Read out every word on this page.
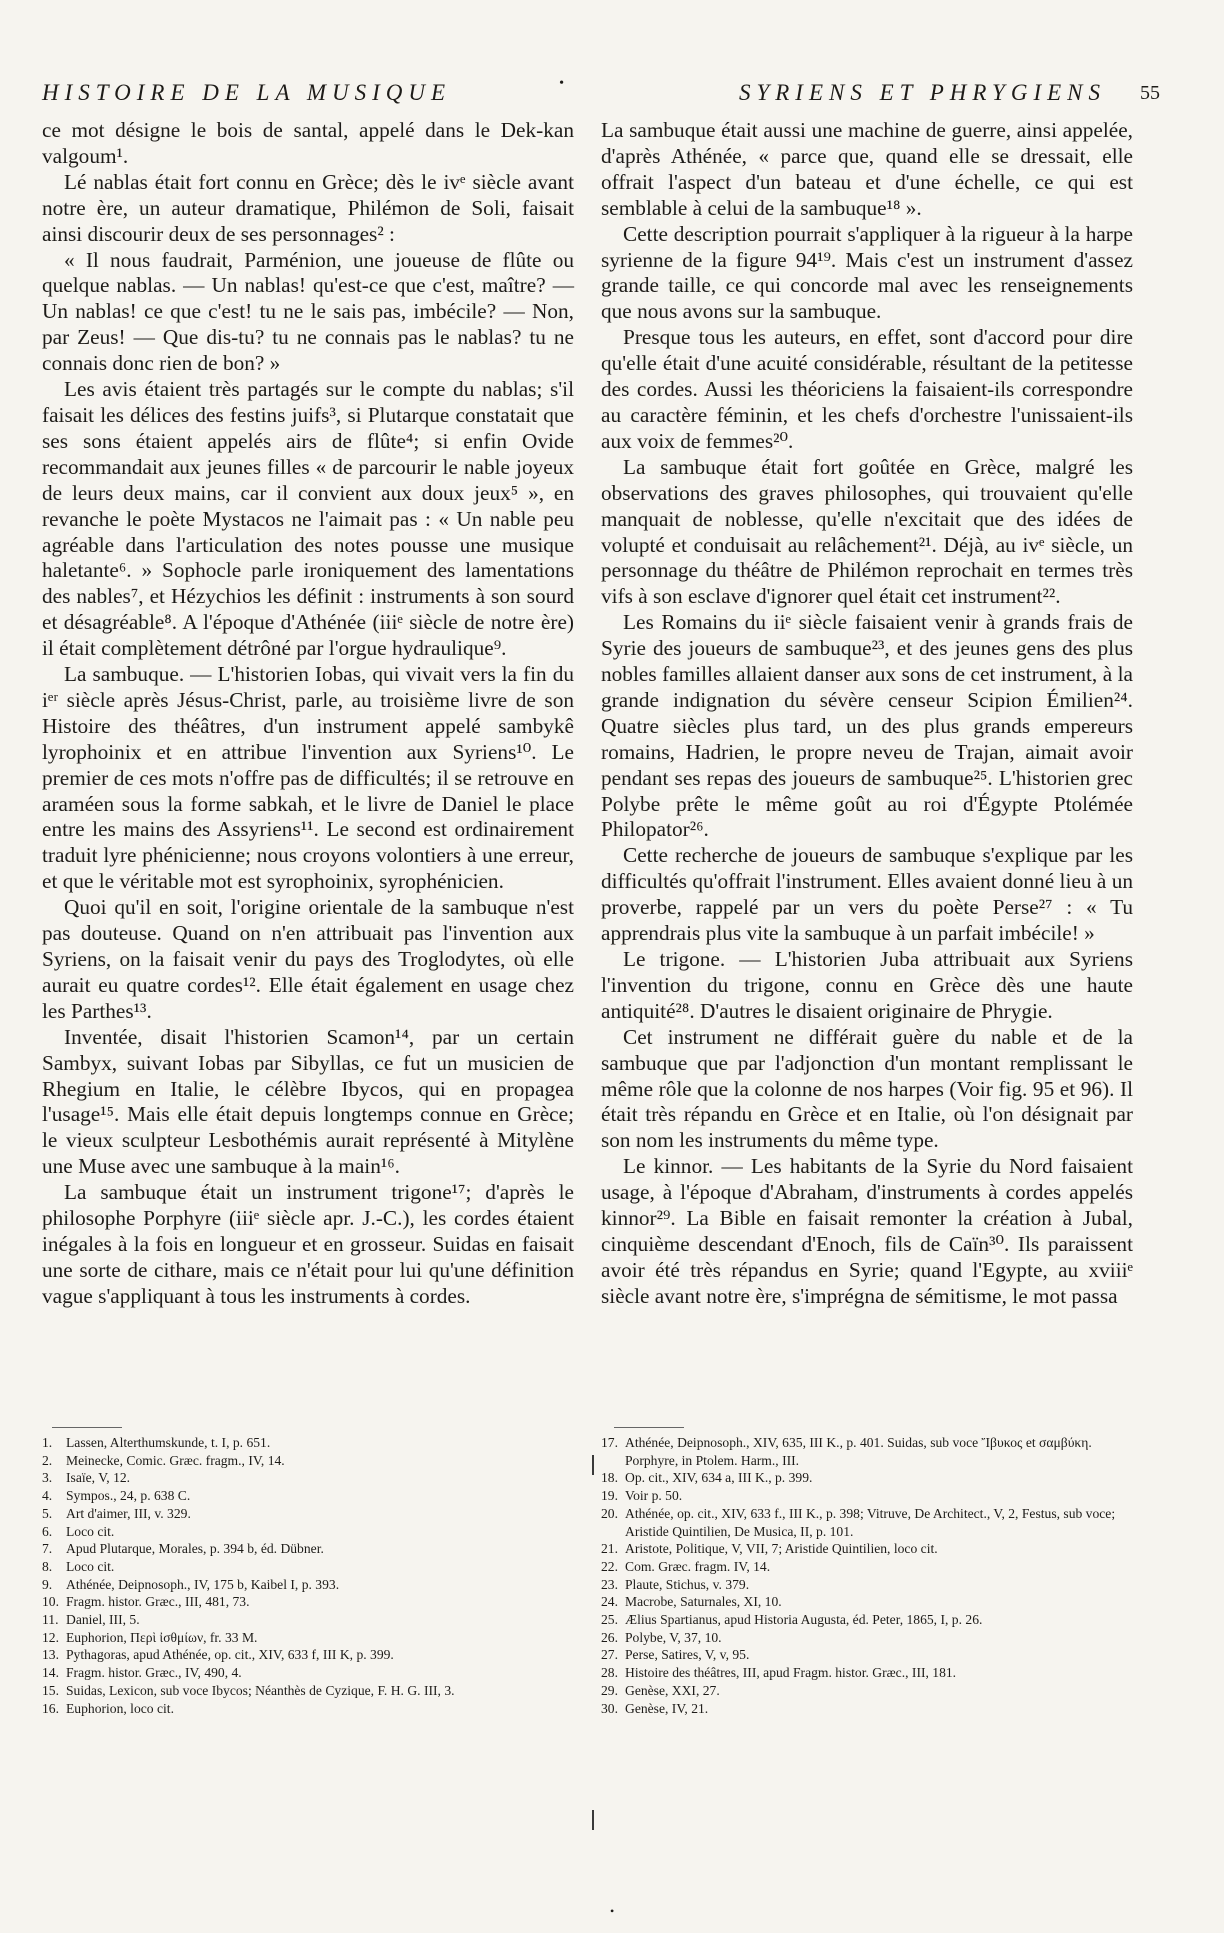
HISTOIRE DE LA MUSIQUE	•	SYRIENS ET PHRYGIENS 55

ce mot désigne le bois de santal, appelé dans le Dek-kan valgoum¹.

Lé nablas était fort connu en Grèce; dès le ivᵉ siècle avant notre ère, un auteur dramatique, Philémon de Soli, faisait ainsi discourir deux de ses personnages² :

« Il nous faudrait, Parménion, une joueuse de flûte ou quelque nablas. — Un nablas! qu'est-ce que c'est, maître? — Un nablas! ce que c'est! tu ne le sais pas, imbécile? — Non, par Zeus! — Que dis-tu? tu ne connais pas le nablas? tu ne connais donc rien de bon? »

Les avis étaient très partagés sur le compte du nablas; s'il faisait les délices des festins juifs³, si Plutarque constatait que ses sons étaient appelés airs de flûte⁴; si enfin Ovide recommandait aux jeunes filles « de parcourir le nable joyeux de leurs deux mains, car il convient aux doux jeux⁵ », en revanche le poète Mystacos ne l'aimait pas : « Un nable peu agréable dans l'articulation des notes pousse une musique haletante⁶. » Sophocle parle ironiquement des lamentations des nables⁷, et Hézychios les définit : instruments à son sourd et désagréable⁸. A l'époque d'Athénée (iiiᵉ siècle de notre ère) il était complètement détrôné par l'orgue hydraulique⁹.

La sambuque. — L'historien Iobas, qui vivait vers la fin du iᵉʳ siècle après Jésus-Christ, parle, au troisième livre de son Histoire des théâtres, d'un instrument appelé sambykê lyrophoinix et en attribue l'invention aux Syriens¹⁰. Le premier de ces mots n'offre pas de difficultés; il se retrouve en araméen sous la forme sabkah, et le livre de Daniel le place entre les mains des Assyriens¹¹. Le second est ordinairement traduit lyre phénicienne; nous croyons volontiers à une erreur, et que le véritable mot est syrophoinix, syrophénicien.

Quoi qu'il en soit, l'origine orientale de la sambuque n'est pas douteuse. Quand on n'en attribuait pas l'invention aux Syriens, on la faisait venir du pays des Troglodytes, où elle aurait eu quatre cordes¹². Elle était également en usage chez les Parthes¹³.

Inventée, disait l'historien Scamon¹⁴, par un certain Sambyx, suivant Iobas par Sibyllas, ce fut un musicien de Rhegium en Italie, le célèbre Ibycos, qui en propagea l'usage¹⁵. Mais elle était depuis longtemps connue en Grèce; le vieux sculpteur Lesbothémis aurait représenté à Mitylène une Muse avec une sambuque à la main¹⁶.

La sambuque était un instrument trigone¹⁷; d'après le philosophe Porphyre (iiiᵉ siècle apr. J.-C.), les cordes étaient inégales à la fois en longueur et en grosseur. Suidas en faisait une sorte de cithare, mais ce n'était pour lui qu'une définition vague s'appliquant à tous les instruments à cordes.

La sambuque était aussi une machine de guerre, ainsi appelée, d'après Athénée, « parce que, quand elle se dressait, elle offrait l'aspect d'un bateau et d'une échelle, ce qui est semblable à celui de la sambuque¹⁸ ».

Cette description pourrait s'appliquer à la rigueur à la harpe syrienne de la figure 94¹⁹. Mais c'est un instrument d'assez grande taille, ce qui concorde mal avec les renseignements que nous avons sur la sambuque.

Presque tous les auteurs, en effet, sont d'accord pour dire qu'elle était d'une acuité considérable, résultant de la petitesse des cordes. Aussi les théoriciens la faisaient-ils correspondre au caractère féminin, et les chefs d'orchestre l'unissaient-ils aux voix de femmes²⁰.

La sambuque était fort goûtée en Grèce, malgré les observations des graves philosophes, qui trouvaient qu'elle manquait de noblesse, qu'elle n'excitait que des idées de volupté et conduisait au relâchement²¹. Déjà, au ivᵉ siècle, un personnage du théâtre de Philémon reprochait en termes très vifs à son esclave d'ignorer quel était cet instrument²².

Les Romains du iiᵉ siècle faisaient venir à grands frais de Syrie des joueurs de sambuque²³, et des jeunes gens des plus nobles familles allaient danser aux sons de cet instrument, à la grande indignation du sévère censeur Scipion Émilien²⁴. Quatre siècles plus tard, un des plus grands empereurs romains, Hadrien, le propre neveu de Trajan, aimait avoir pendant ses repas des joueurs de sambuque²⁵. L'historien grec Polybe prête le même goût au roi d'Égypte Ptolémée Philopator²⁶.

Cette recherche de joueurs de sambuque s'explique par les difficultés qu'offrait l'instrument. Elles avaient donné lieu à un proverbe, rappelé par un vers du poète Perse²⁷ : « Tu apprendrais plus vite la sambuque à un parfait imbécile! »

Le trigone. — L'historien Juba attribuait aux Syriens l'invention du trigone, connu en Grèce dès une haute antiquité²⁸. D'autres le disaient originaire de Phrygie.

Cet instrument ne différait guère du nable et de la sambuque que par l'adjonction d'un montant remplissant le même rôle que la colonne de nos harpes (Voir fig. 95 et 96). Il était très répandu en Grèce et en Italie, où l'on désignait par son nom les instruments du même type.

Le kinnor. — Les habitants de la Syrie du Nord faisaient usage, à l'époque d'Abraham, d'instruments à cordes appelés kinnor²⁹. La Bible en faisait remonter la création à Jubal, cinquième descendant d'Enoch, fils de Caïn³⁰. Ils paraissent avoir été très répandus en Syrie; quand l'Egypte, au xviiiᵉ siècle avant notre ère, s'imprégna de sémitisme, le mot passa

1. Lassen, Alterthumskunde, t. I, p. 651.
2. Meinecke, Comic. Græc. fragm., IV, 14.
3. Isaïe, V, 12.
4. Sympos., 24, p. 638 C.
5. Art d'aimer, III, v. 329.
6. Loco cit.
7. Apud Plutarque, Morales, p. 394 b, éd. Dübner.
8. Loco cit.
9. Athénée, Deipnosoph., IV, 175 b, Kaibel I, p. 393.
10. Fragm. histor. Græc., III, 481, 73.
11. Daniel, III, 5.
12. Euphorion, Περὶ ἰσθμίων, fr. 33 M.
13. Pythagoras, apud Athénée, op. cit., XIV, 633 f, III K, p. 399.
14. Fragm. histor. Græc., IV, 490, 4.
15. Suidas, Lexicon, sub voce Ibycos; Néanthès de Cyzique, F. H. G. III, 3.
16. Euphorion, loco cit.
17. Athénée, Deipnosoph., XIV, 635, III K., p. 401. Suidas, sub voce Ἴβυκος et σαμβύκη. Porphyre, in Ptolem. Harm., III.
18. Op. cit., XIV, 634 a, III K., p. 399.
19. Voir p. 50.
20. Athénée, op. cit., XIV, 633 f., III K., p. 398; Vitruve, De Architect., V, 2, Festus, sub voce; Aristide Quintilien, De Musica, II, p. 101.
21. Aristote, Politique, V, VII, 7; Aristide Quintilien, loco cit.
22. Com. Græc. fragm. IV, 14.
23. Plaute, Stichus, v. 379.
24. Macrobe, Saturnales, XI, 10.
25. Ælius Spartianus, apud Historia Augusta, éd. Peter, 1865, I, p. 26.
26. Polybe, V, 37, 10.
27. Perse, Satires, V, v, 95.
28. Histoire des théâtres, III, apud Fragm. histor. Græc., III, 181.
29. Genèse, XXI, 27.
30. Genèse, IV, 21.
•
